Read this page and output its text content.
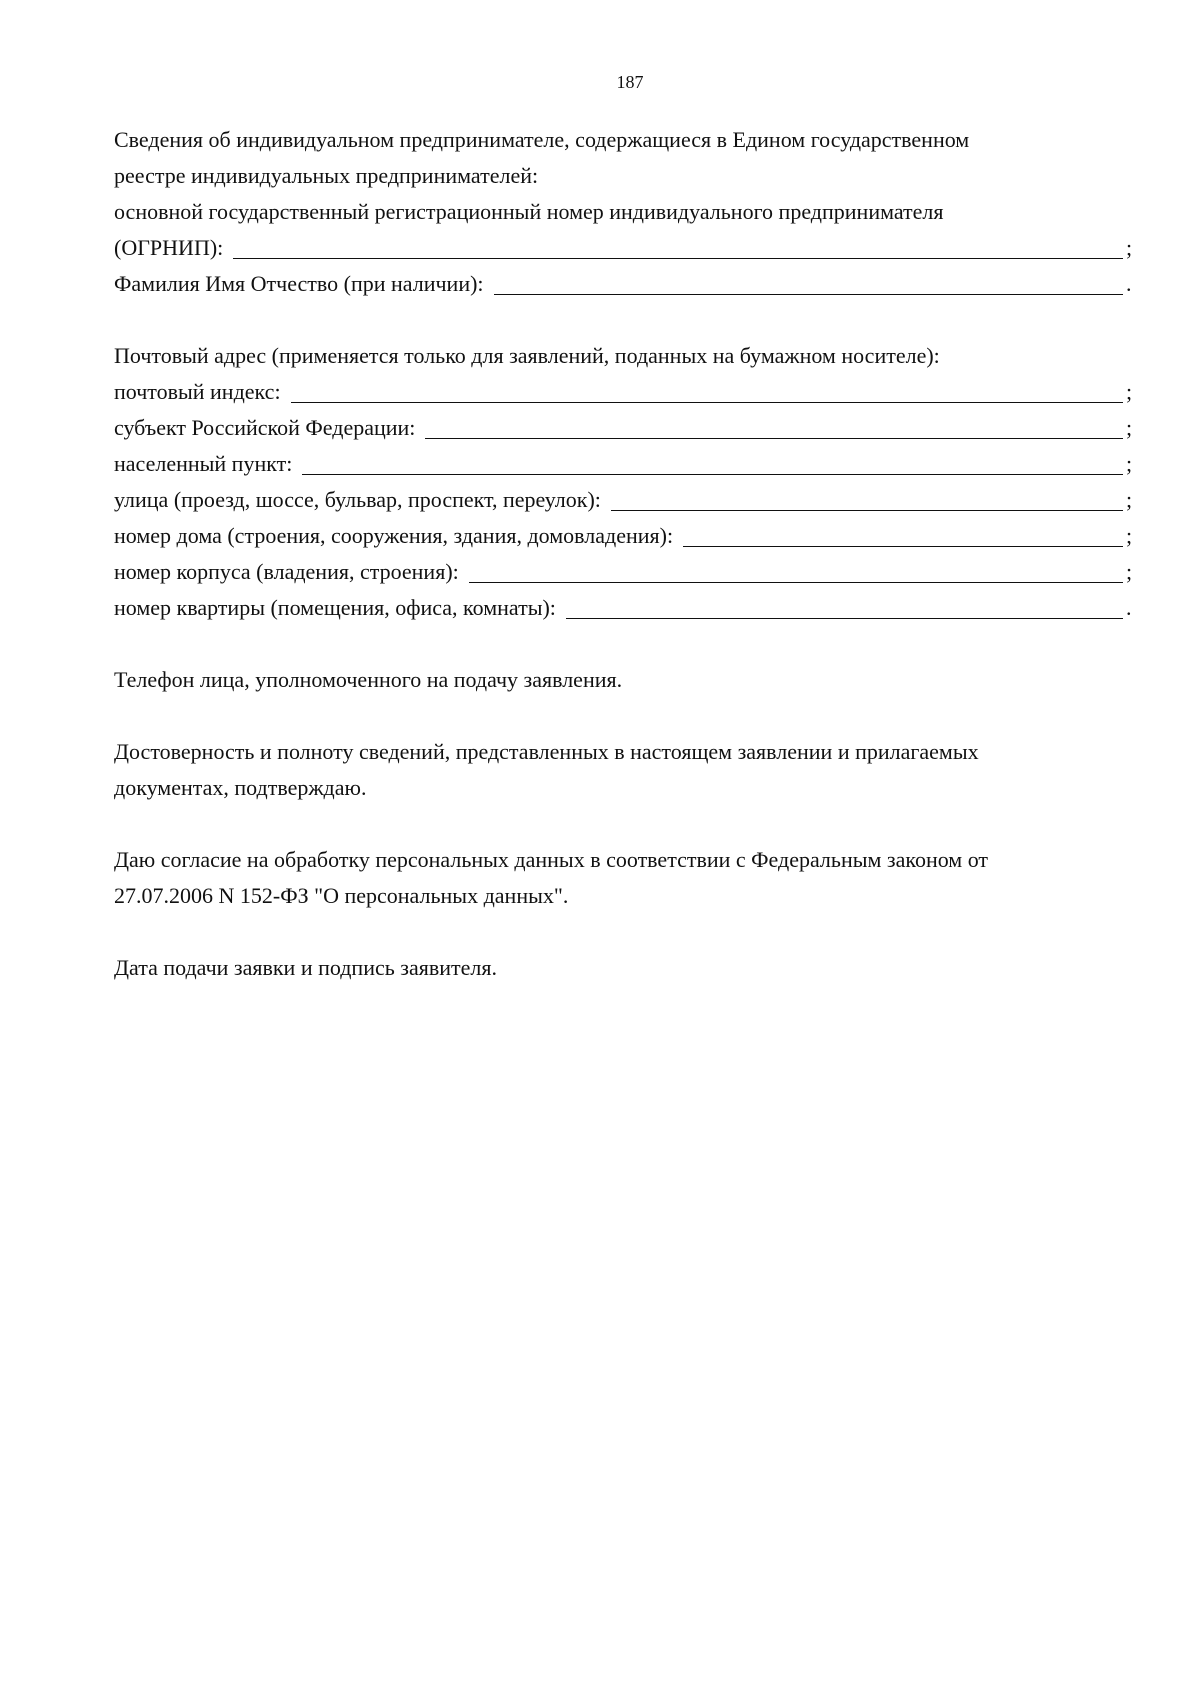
187
Сведения об индивидуальном предпринимателе, содержащиеся в Едином государственном
реестре индивидуальных предпринимателей:
основной государственный регистрационный номер индивидуального предпринимателя
(ОГРНИП):	;
Фамилия Имя Отчество (при наличии):	.
Почтовый адрес (применяется только для заявлений, поданных на бумажном носителе):
почтовый индекс:	;
субъект Российской Федерации:	;
населенный пункт:	;
улица (проезд, шоссе, бульвар, проспект, переулок):	;
номер дома (строения, сооружения, здания, домовладения):	;
номер корпуса (владения, строения):	;
номер квартиры (помещения, офиса, комнаты):	.
Телефон лица, уполномоченного на подачу заявления.
Достоверность и полноту сведений, представленных в настоящем заявлении и прилагаемых
документах, подтверждаю.
Даю согласие на обработку персональных данных в соответствии с Федеральным законом от
27.07.2006 N 152-ФЗ "О персональных данных".
Дата подачи заявки и подпись заявителя.
